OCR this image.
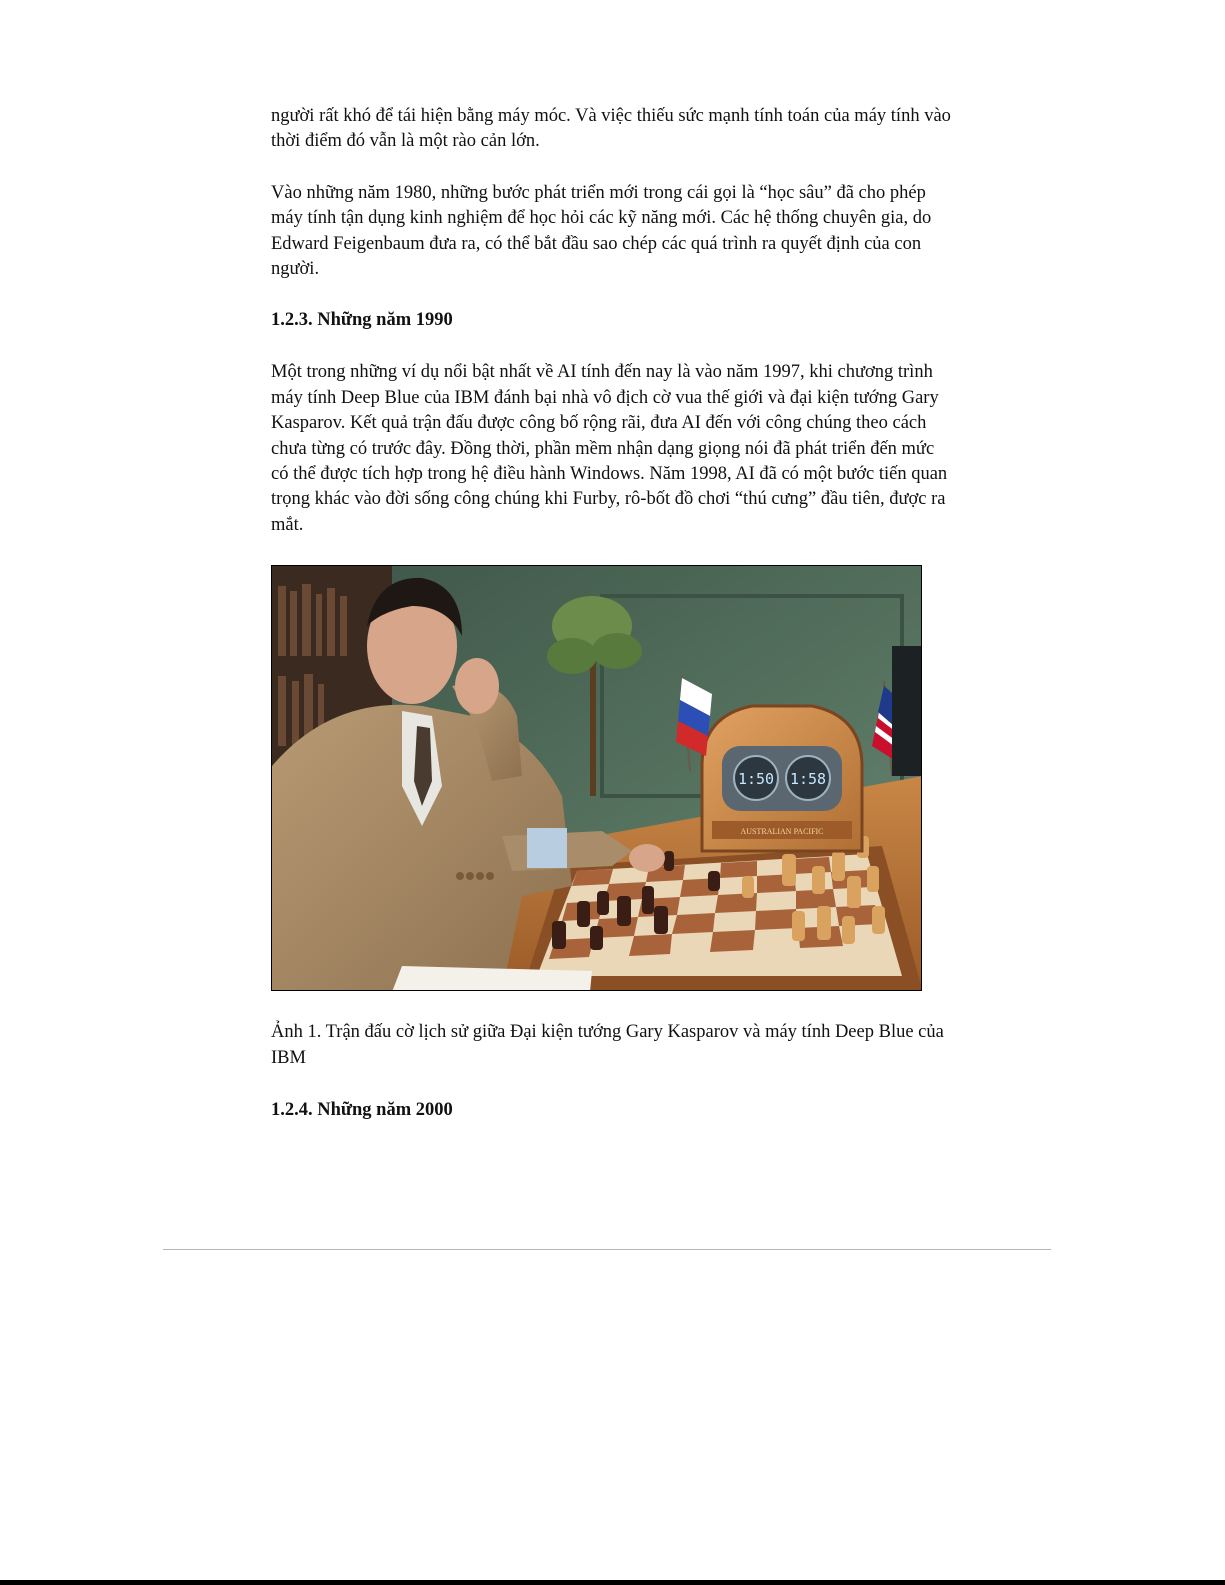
người rất khó để tái hiện bằng máy móc. Và việc thiếu sức mạnh tính toán của máy tính vào thời điểm đó vẫn là một rào cản lớn.

Vào những năm 1980, những bước phát triển mới trong cái gọi là “học sâu” đã cho phép máy tính tận dụng kinh nghiệm để học hỏi các kỹ năng mới. Các hệ thống chuyên gia, do Edward Feigenbaum đưa ra, có thể bắt đầu sao chép các quá trình ra quyết định của con người.

1.2.3. Những năm 1990

Một trong những ví dụ nổi bật nhất về AI tính đến nay là vào năm 1997, khi chương trình máy tính Deep Blue của IBM đánh bại nhà vô địch cờ vua thế giới và đại kiện tướng Gary Kasparov. Kết quả trận đấu được công bố rộng rãi, đưa AI đến với công chúng theo cách chưa từng có trước đây. Đồng thời, phần mềm nhận dạng giọng nói đã phát triển đến mức có thể được tích hợp trong hệ điều hành Windows. Năm 1998, AI đã có một bước tiến quan trọng khác vào đời sống công chúng khi Furby, rô-bốt đồ chơi “thú cưng” đầu tiên, được ra mắt.

1:50 1:58
AUSTRALIAN PACIFIC

Ảnh 1. Trận đấu cờ lịch sử giữa Đại kiện tướng Gary Kasparov và máy tính Deep Blue của IBM

1.2.4. Những năm 2000
